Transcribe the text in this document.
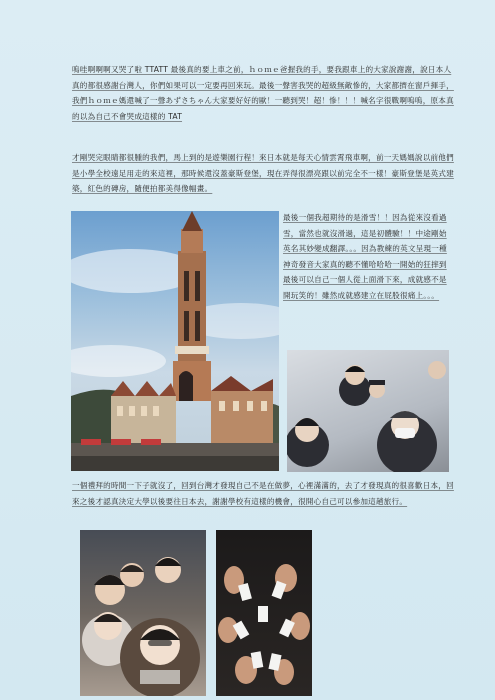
嗚哇啊啊啊又哭了啦 TTATT 最後真的要上車之前，ｈｏｍｅ爸握我的手，要我跟車上的大家說謝謝，說日本人真的都很感謝台灣人，你們如果可以一定要再回來玩。最後一聲害我哭的超級無敵慘的，大家都擠在窗戶揮手，我們ｈｏｍｅ媽還喊了一聲あずさちゃん大家要好好的歐！一聽到哭！超！慘！！！喊名字很戰啊嗚嗚，原本真的以為自己不會哭成這樣的 TAT

才剛哭完眼睛都很腫的我們，馬上到的是遊樂園行程！來日本就是每天心情雲霄飛車啊，前一天媽媽說以前他們是小學全校遠足用走的來這裡，那時候還沒蓋豪斯登堡，現在弄得很漂亮跟以前完全不一樣！豪斯登堡是英式建築，紅色的磚房，隨便拍都美得像幅畫。

最後一個我超期待的是滑雪！！因為從來沒看過雪，當然也就沒滑過，這是初體驗！！中途剛始英名其妙變成翻譯。。。因為教練的英文呈現一種神奇發音大家真的聽不懂哈哈哈一開始的狂摔到最後可以自己一個人從上面滑下來，成就感不是開玩笑的！雖然成就感建立在屁股很痛上。。。

一個禮拜的時間一下子就沒了，回到台灣才發現自己不是在做夢，心裡滿滿的，去了才發現真的很喜歡日本，回來之後才認真決定大學以後要往日本去，謝謝學校有這樣的機會，很開心自己可以參加這趟旅行。
